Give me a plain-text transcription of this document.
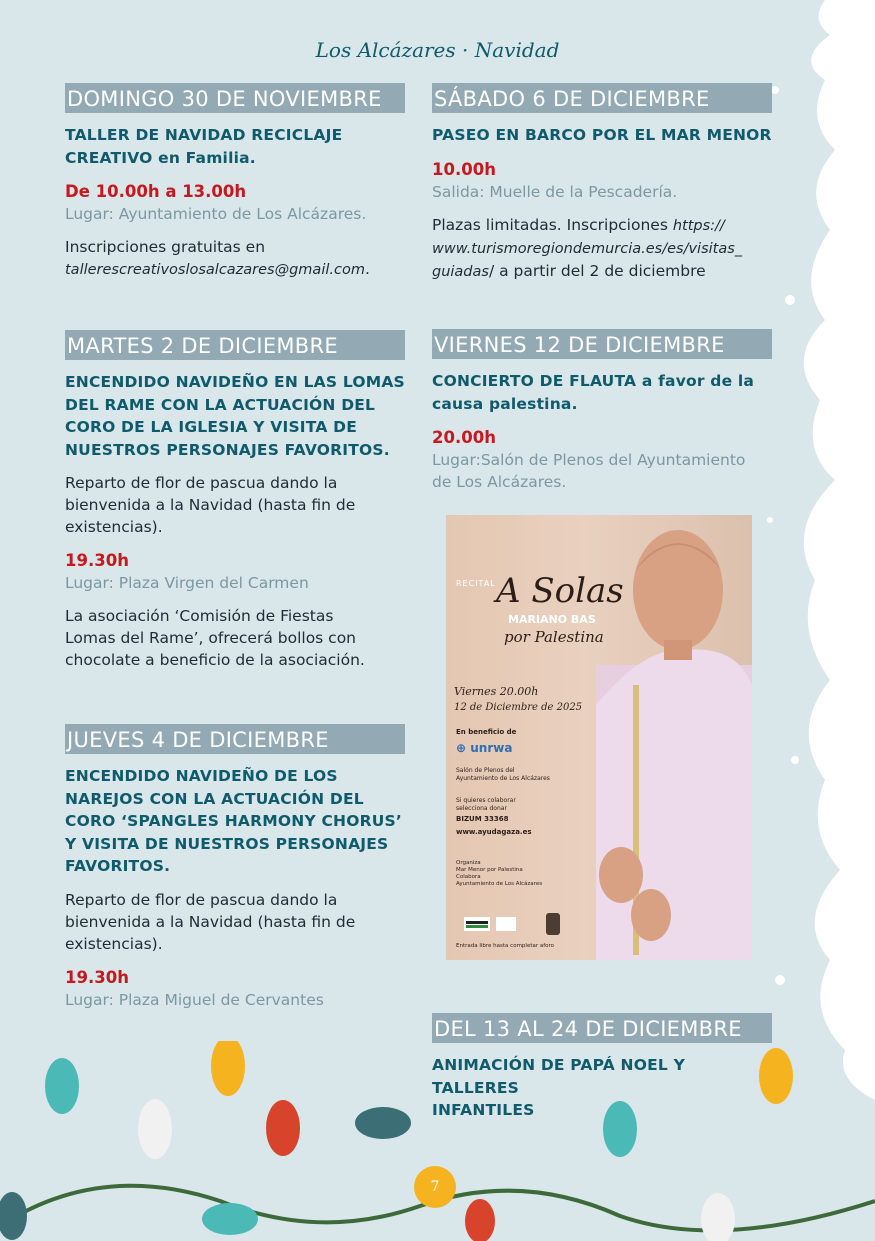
Los Alcázares · Navidad
DOMINGO 30 DE NOVIEMBRE
TALLER DE NAVIDAD RECICLAJE
CREATIVO en Familia.
De 10.00h a 13.00h
Lugar: Ayuntamiento de Los Alcázares.
Inscripciones gratuitas en
tallerescreativoslosalcazares@gmail.com.
MARTES 2 DE DICIEMBRE
ENCENDIDO NAVIDEÑO EN LAS LOMAS
DEL RAME CON LA ACTUACIÓN DEL
CORO DE LA IGLESIA Y VISITA DE
NUESTROS PERSONAJES FAVORITOS.
Reparto de flor de pascua dando la
bienvenida a la Navidad (hasta fin de
existencias).
19.30h
Lugar: Plaza Virgen del Carmen
La asociación ‘Comisión de Fiestas
Lomas del Rame’, ofrecerá bollos con
chocolate a beneficio de la asociación.
JUEVES 4 DE DICIEMBRE
ENCENDIDO NAVIDEÑO DE LOS
NAREJOS CON LA ACTUACIÓN DEL
CORO ‘SPANGLES HARMONY CHORUS’
Y VISITA DE NUESTROS PERSONAJES
FAVORITOS.
Reparto de flor de pascua dando la
bienvenida a la Navidad (hasta fin de
existencias).
19.30h
Lugar: Plaza Miguel de Cervantes
SÁBADO 6 DE DICIEMBRE
PASEO EN BARCO POR EL MAR MENOR
10.00h
Salida: Muelle de la Pescadería.
Plazas limitadas. Inscripciones https://
www.turismoregiondemurcia.es/es/visitas_
guiadas/ a partir del 2 de diciembre
VIERNES 12 DE DICIEMBRE
CONCIERTO DE FLAUTA a favor de la
causa palestina.
20.00h
Lugar:Salón de Plenos del Ayuntamiento
de Los Alcázares.
RECITAL A Solas
MARIANO BAS
por Palestina
Viernes 20.00h
12 de Diciembre de 2025
En beneficio de
⊕ unrwa
Salón de Plenos del
Ayuntamiento de Los Alcázares
Si quieres colaborar
selecciona donar
BIZUM 33368
www.ayudagaza.es
Organiza
Mar Menor por Palestina
Colabora
Ayuntamiento de Los Alcázares
Entrada libre hasta completar aforo
DEL 13 AL 24 DE DICIEMBRE
ANIMACIÓN DE PAPÁ NOEL Y TALLERES
INFANTILES
7
